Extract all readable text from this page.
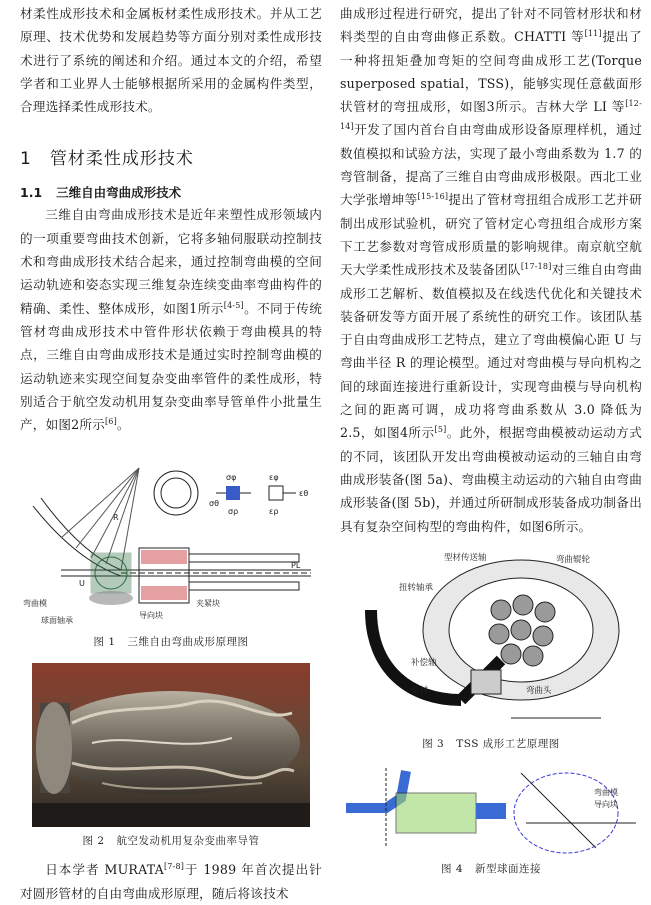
材柔性成形技术和金属板材柔性成形技术。并从工艺原理、技术优势和发展趋势等方面分别对柔性成形技术进行了系统的阐述和介绍。通过本文的介绍，希望学者和工业界人士能够根据所采用的金属构件类型，合理选择柔性成形技术。

1 管材柔性成形技术
1.1 三维自由弯曲成形技术

三维自由弯曲成形技术是近年来塑性成形领域内的一项重要弯曲技术创新，它将多轴伺服联动控制技术和弯曲成形技术结合起来，通过控制弯曲模的空间运动轨迹和姿态实现三维复杂连续变曲率弯曲构件的精确、柔性、整体成形，如图1所示[4-5]。不同于传统管材弯曲成形技术中管件形状依赖于弯曲模具的特点，三维自由弯曲成形技术是通过实时控制弯曲模的运动轨迹来实现空间复杂变曲率管件的柔性成形，特别适合于航空发动机用复杂变曲率导管单件小批量生产，如图2所示[6]。

σφ
σθ
σρ
εφ
εθ
ερ
PL
R
U
弯曲模
球面轴承
导向块
夹紧块
图 1 三维自由弯曲成形原理图
图 2 航空发动机用复杂变曲率导管

日本学者 MURATA[7-8]于 1989 年首次提出针对圆形管材的自由弯曲成形原理，随后将该技术

曲成形过程进行研究，提出了针对不同管材形状和材料类型的自由弯曲修正系数。CHATTI 等[11]提出了一种将扭矩叠加弯矩的空间弯曲成形工艺(Torque superposed spatial，TSS)，能够实现任意截面形状管材的弯扭成形，如图3所示。吉林大学 LI 等[12-14]开发了国内首台自由弯曲成形设备原理样机，通过数值模拟和试验方法，实现了最小弯曲系数为 1.7 的弯管制备，提高了三维自由弯曲成形极限。西北工业大学张增坤等[15-16]提出了管材弯扭组合成形工艺并研制出成形试验机，研究了管材定心弯扭组合成形方案下工艺参数对弯管成形质量的影响规律。南京航空航天大学柔性成形技术及装备团队[17-18]对三维自由弯曲成形工艺解析、数值模拟及在线迭代优化和关键技术装备研发等方面开展了系统性的研究工作。该团队基于自由弯曲成形工艺特点，建立了弯曲模偏心距 U 与弯曲半径 R 的理论模型。通过对弯曲模与导向机构之间的球面连接进行重新设计，实现弯曲模与导向机构之间的距离可调，成功将弯曲系数从 3.0 降低为 2.5，如图4所示[5]。此外，根据弯曲模被动运动方式的不同，该团队开发出弯曲模被动运动的三轴自由弯曲成形装备(图 5a)、弯曲模主动运动的六轴自由弯曲成形装备(图 5b)，并通过所研制成形装备成功制备出具有复杂空间构型的弯曲构件，如图6所示。

型材传送轴	弯曲辊轮
扭转轴承
补偿轴
型材	弯曲头
图 3 TSS 成形工艺原理图
弯曲模
导向块
图 4 新型球面连接
